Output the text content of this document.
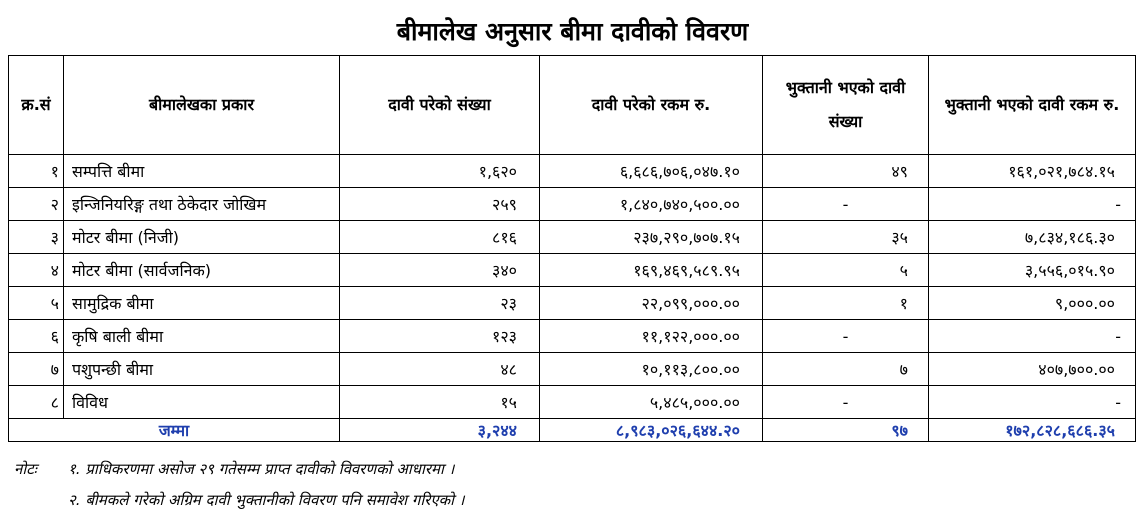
बीमालेख अनुसार बीमा दावीको विवरण
क्र.सं	बीमालेखका प्रकार	दावी परेको संख्या	दावी परेको रकम रु.	भुक्तानी भएको दावी संख्या	भुक्तानी भएको दावी रकम रु.
१	सम्पत्ति बीमा	१,६२०	६,६८६,७०६,०४७.१०	४९	१६१,०२१,७८४.१५
२	इन्जिनियरिङ्ग तथा ठेकेदार जोखिम	२५९	१,८४०,७४०,५००.००	-	-
३	मोटर बीमा (निजी)	८१६	२३७,२९०,७०७.१५	३५	७,८३४,१८६.३०
४	मोटर बीमा (सार्वजनिक)	३४०	१६९,४६९,५८९.९५	५	३,५५६,०१५.९०
५	सामुद्रिक बीमा	२३	२२,०९९,०००.००	१	९,०००.००
६	कृषि बाली बीमा	१२३	११,१२२,०००.००	-	-
७	पशुपन्छी बीमा	४८	१०,११३,८००.००	७	४०७,७००.००
८	विविध	१५	५,४८५,०००.००	-	-
जम्मा		३,२४४	८,९८३,०२६,६४४.२०	९७	१७२,८२८,६८६.३५
नोटः १. प्राधिकरणमा असोज २९ गतेसम्म प्राप्त दावीको विवरणको आधारमा ।
२. बीमकले गरेको अग्रिम दावी भुक्तानीको विवरण पनि समावेश गरिएको ।
